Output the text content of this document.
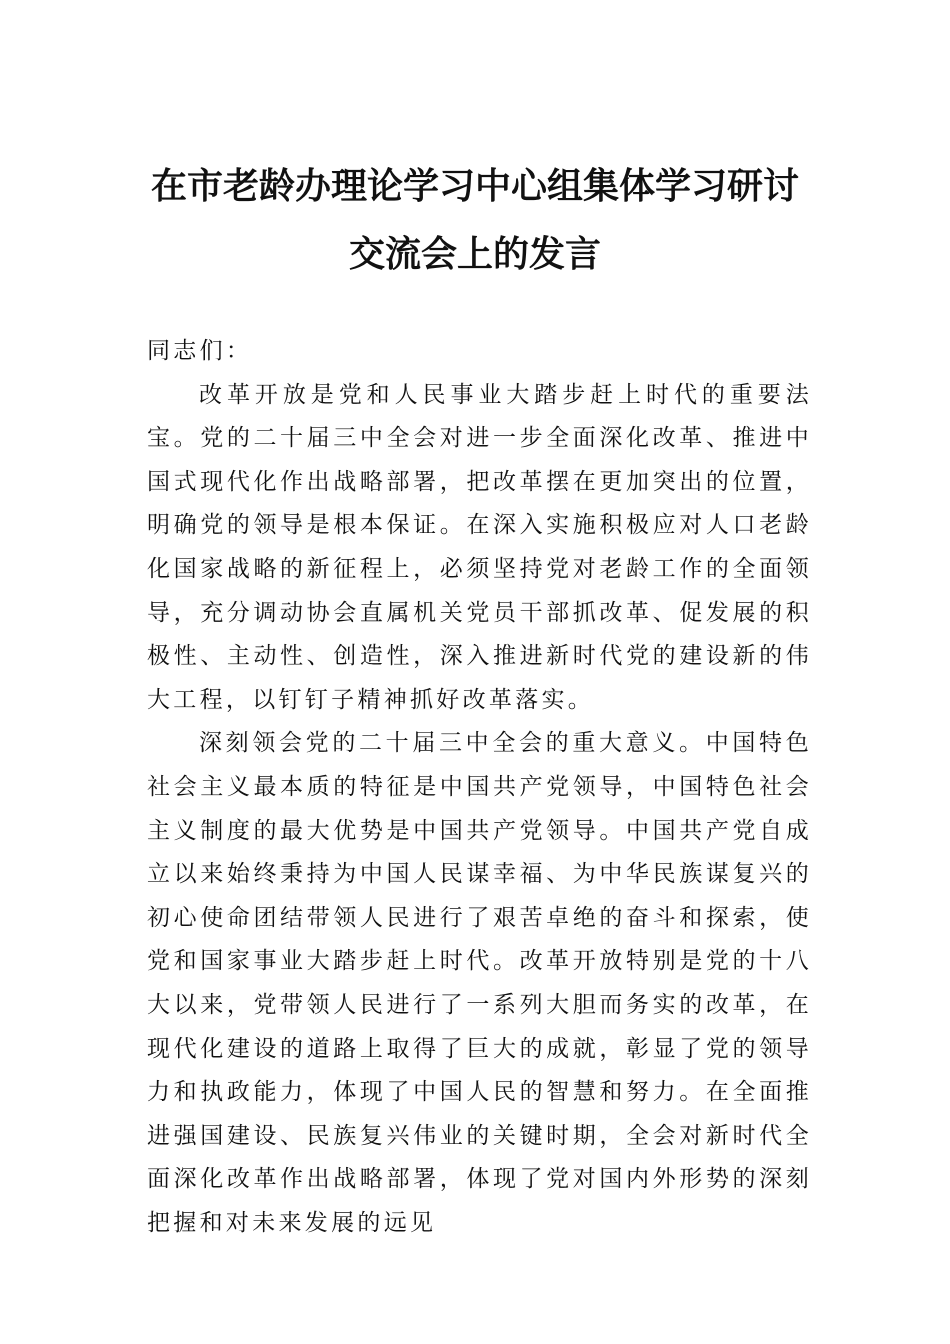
在市老龄办理论学习中心组集体学习研讨
交流会上的发言

同志们：

改革开放是党和人民事业大踏步赶上时代的重要法宝。党的二十届三中全会对进一步全面深化改革、推进中国式现代化作出战略部署，把改革摆在更加突出的位置，明确党的领导是根本保证。在深入实施积极应对人口老龄化国家战略的新征程上，必须坚持党对老龄工作的全面领导，充分调动协会直属机关党员干部抓改革、促发展的积极性、主动性、创造性，深入推进新时代党的建设新的伟大工程，以钉钉子精神抓好改革落实。

深刻领会党的二十届三中全会的重大意义。中国特色社会主义最本质的特征是中国共产党领导，中国特色社会主义制度的最大优势是中国共产党领导。中国共产党自成立以来始终秉持为中国人民谋幸福、为中华民族谋复兴的初心使命团结带领人民进行了艰苦卓绝的奋斗和探索，使党和国家事业大踏步赶上时代。改革开放特别是党的十八大以来，党带领人民进行了一系列大胆而务实的改革，在现代化建设的道路上取得了巨大的成就，彰显了党的领导力和执政能力，体现了中国人民的智慧和努力。在全面推进强国建设、民族复兴伟业的关键时期，全会对新时代全面深化改革作出战略部署，体现了党对国内外形势的深刻把握和对未来发展的远见
